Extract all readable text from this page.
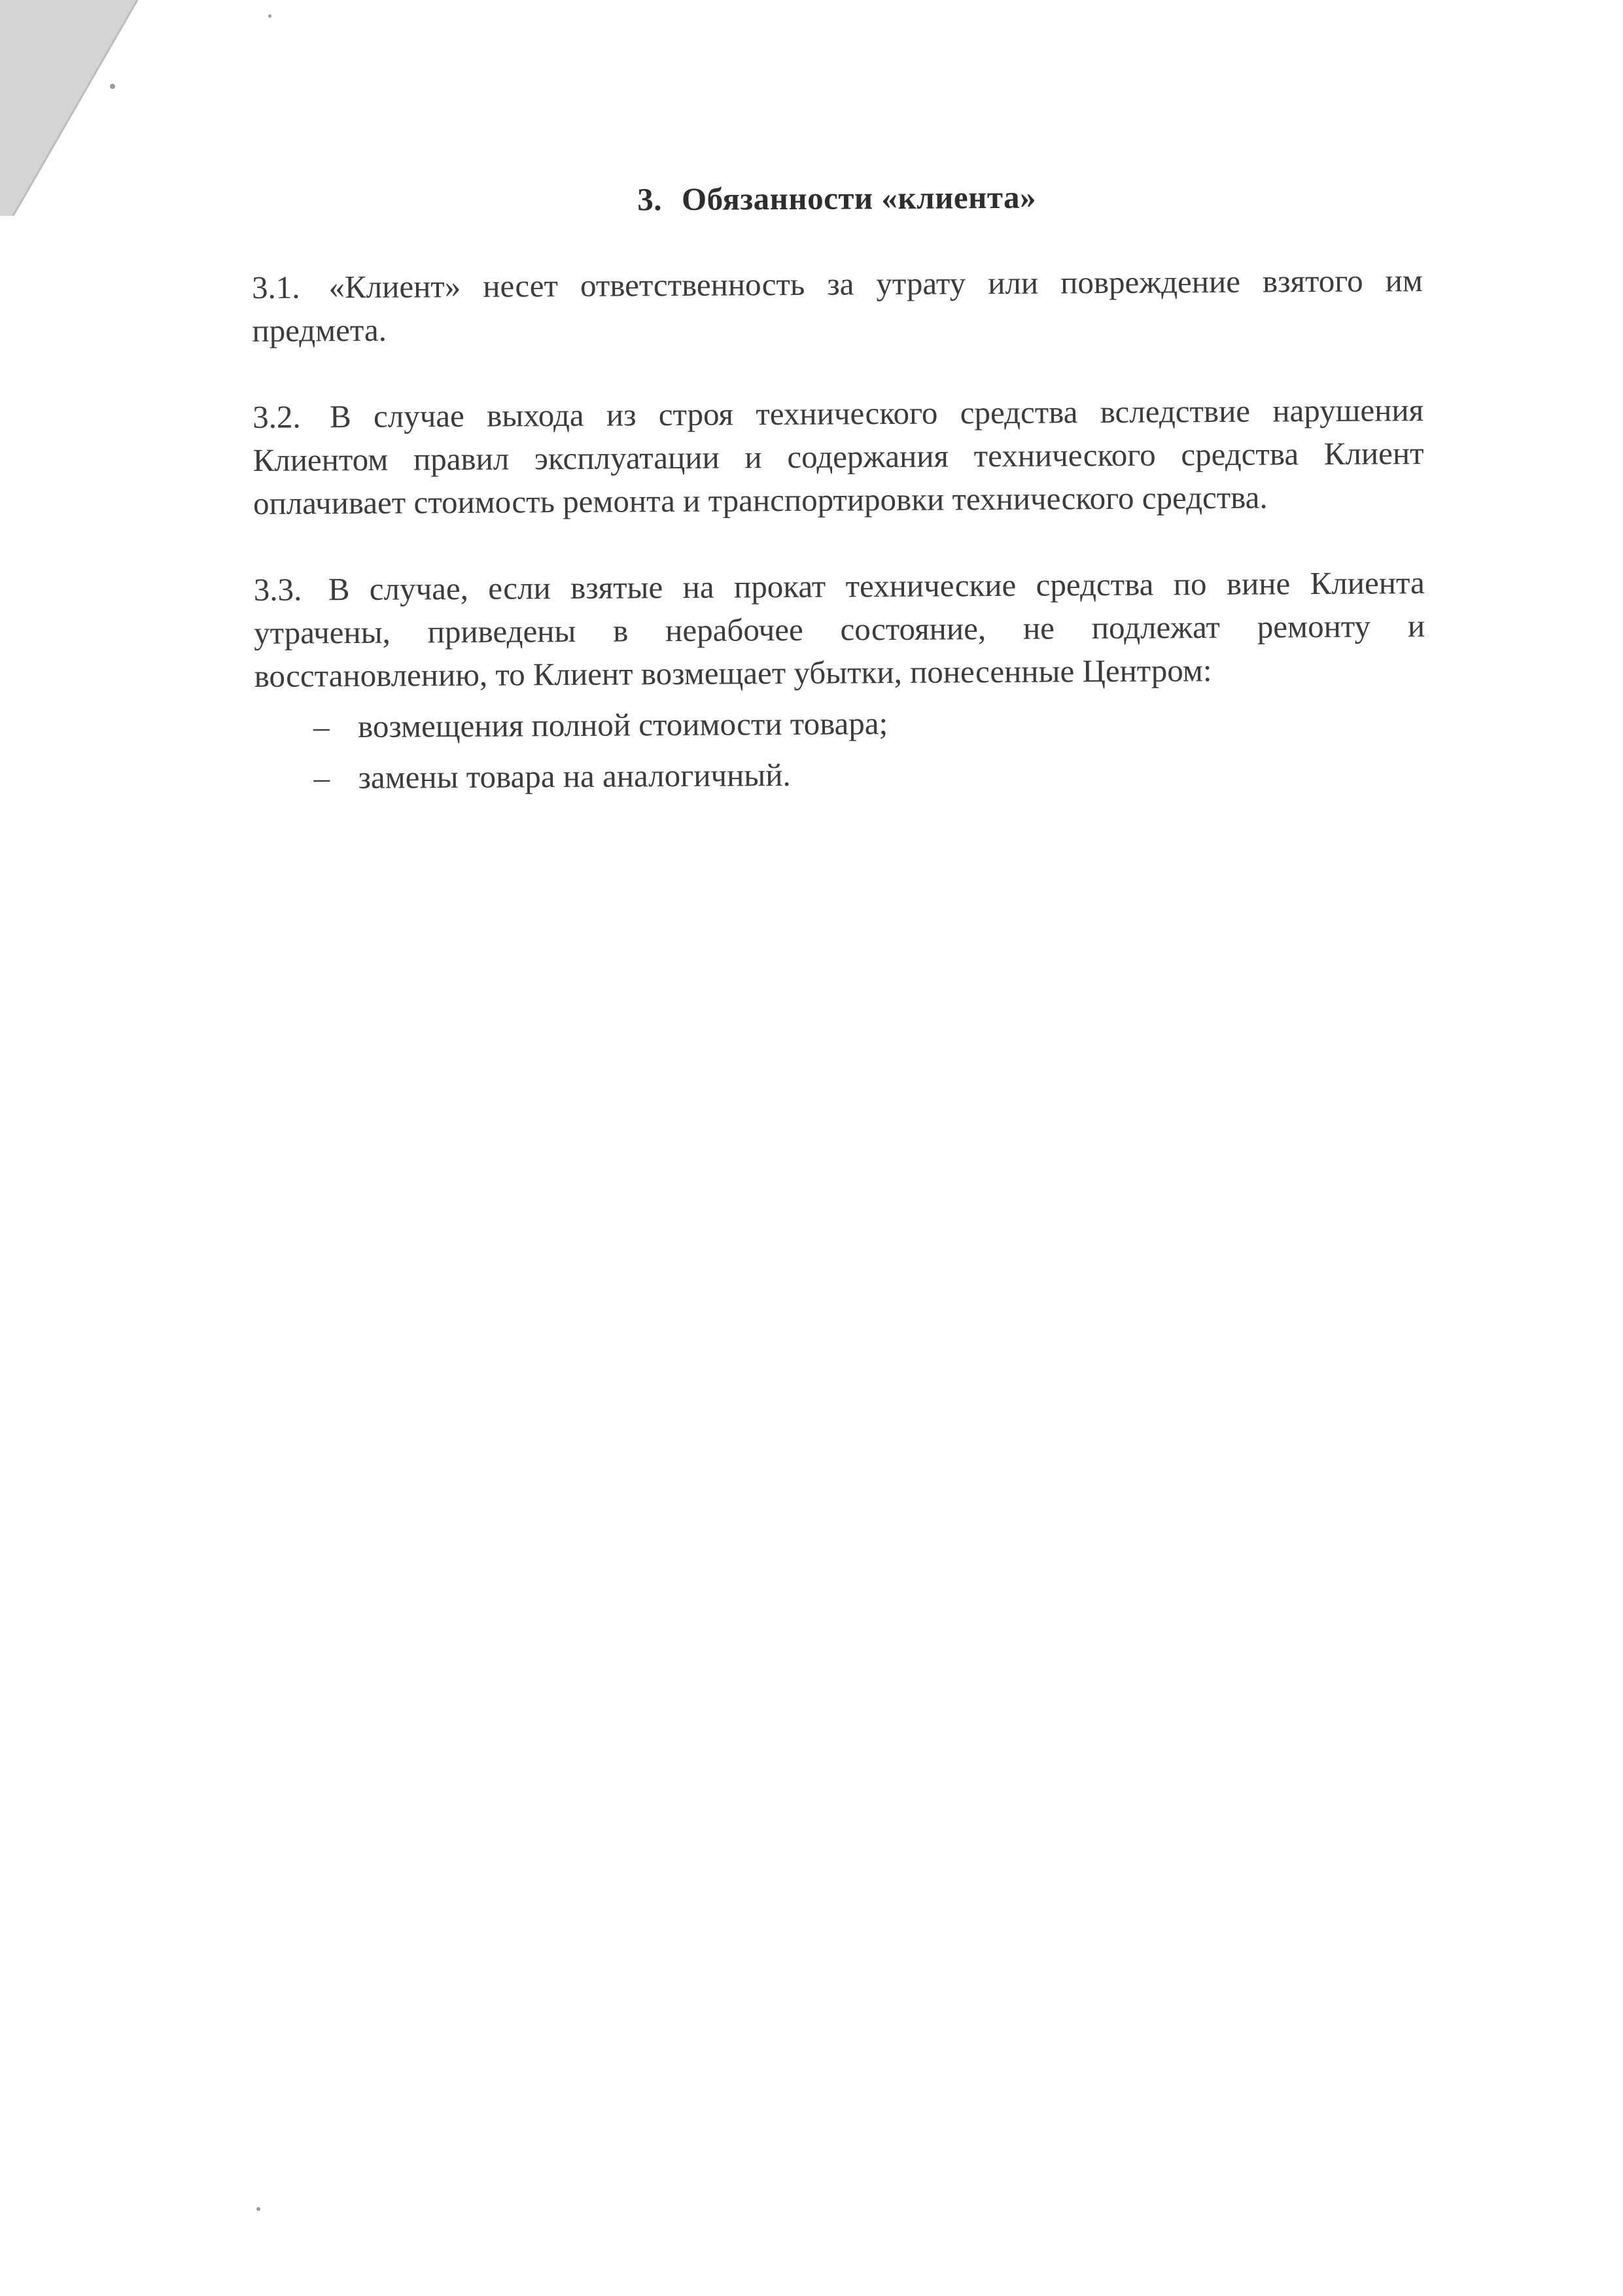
3. Обязанности «клиента»

3.1. «Клиент» несет ответственность за утрату или повреждение взятого им предмета.

3.2. В случае выхода из строя технического средства вследствие нарушения Клиентом правил эксплуатации и содержания технического средства Клиент оплачивает стоимость ремонта и транспортировки технического средства.

3.3. В случае, если взятые на прокат технические средства по вине Клиента утрачены, приведены в нерабочее состояние, не подлежат ремонту и восстановлению, то Клиент возмещает убытки, понесенные Центром:

– возмещения полной стоимости товара;
– замены товара на аналогичный.
